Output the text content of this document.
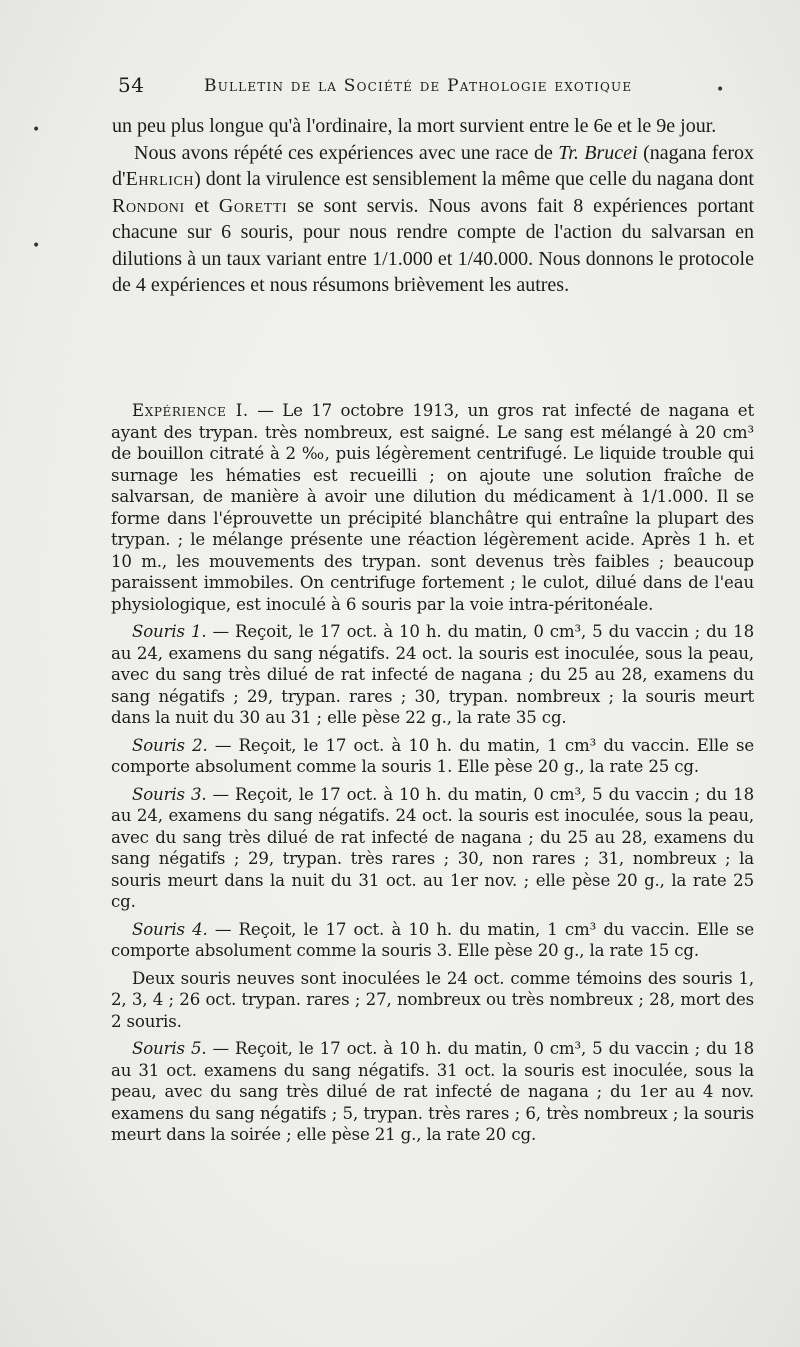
•
•
•
54	Bulletin de la Société de Pathologie exotique

un peu plus longue qu'à l'ordinaire, la mort survient entre le 6e et le 9e jour.

Nous avons répété ces expériences avec une race de Tr. Brucei (nagana ferox d'Ehrlich) dont la virulence est sensiblement la même que celle du nagana dont Rondoni et Goretti se sont servis. Nous avons fait 8 expériences portant chacune sur 6 souris, pour nous rendre compte de l'action du salvarsan en dilutions à un taux variant entre 1/1.000 et 1/40.000. Nous donnons le protocole de 4 expériences et nous résumons brièvement les autres.

Expérience I. — Le 17 octobre 1913, un gros rat infecté de nagana et ayant des trypan. très nombreux, est saigné. Le sang est mélangé à 20 cm³ de bouillon citraté à 2 ‰, puis légèrement centrifugé. Le liquide trouble qui surnage les hématies est recueilli ; on ajoute une solution fraîche de salvarsan, de manière à avoir une dilution du médicament à 1/1.000. Il se forme dans l'éprouvette un précipité blanchâtre qui entraîne la plupart des trypan. ; le mélange présente une réaction légèrement acide. Après 1 h. et 10 m., les mouvements des trypan. sont devenus très faibles ; beaucoup paraissent immobiles. On centrifuge fortement ; le culot, dilué dans de l'eau physiologique, est inoculé à 6 souris par la voie intra-péritonéale.

Souris 1. — Reçoit, le 17 oct. à 10 h. du matin, 0 cm³, 5 du vaccin ; du 18 au 24, examens du sang négatifs. 24 oct. la souris est inoculée, sous la peau, avec du sang très dilué de rat infecté de nagana ; du 25 au 28, examens du sang négatifs ; 29, trypan. rares ; 30, trypan. nombreux ; la souris meurt dans la nuit du 30 au 31 ; elle pèse 22 g., la rate 35 cg.

Souris 2. — Reçoit, le 17 oct. à 10 h. du matin, 1 cm³ du vaccin. Elle se comporte absolument comme la souris 1. Elle pèse 20 g., la rate 25 cg.

Souris 3. — Reçoit, le 17 oct. à 10 h. du matin, 0 cm³, 5 du vaccin ; du 18 au 24, examens du sang négatifs. 24 oct. la souris est inoculée, sous la peau, avec du sang très dilué de rat infecté de nagana ; du 25 au 28, examens du sang négatifs ; 29, trypan. très rares ; 30, non rares ; 31, nombreux ; la souris meurt dans la nuit du 31 oct. au 1er nov. ; elle pèse 20 g., la rate 25 cg.

Souris 4. — Reçoit, le 17 oct. à 10 h. du matin, 1 cm³ du vaccin. Elle se comporte absolument comme la souris 3. Elle pèse 20 g., la rate 15 cg.

Deux souris neuves sont inoculées le 24 oct. comme témoins des souris 1, 2, 3, 4 ; 26 oct. trypan. rares ; 27, nombreux ou très nombreux ; 28, mort des 2 souris.

Souris 5. — Reçoit, le 17 oct. à 10 h. du matin, 0 cm³, 5 du vaccin ; du 18 au 31 oct. examens du sang négatifs. 31 oct. la souris est inoculée, sous la peau, avec du sang très dilué de rat infecté de nagana ; du 1er au 4 nov. examens du sang négatifs ; 5, trypan. très rares ; 6, très nombreux ; la souris meurt dans la soirée ; elle pèse 21 g., la rate 20 cg.
